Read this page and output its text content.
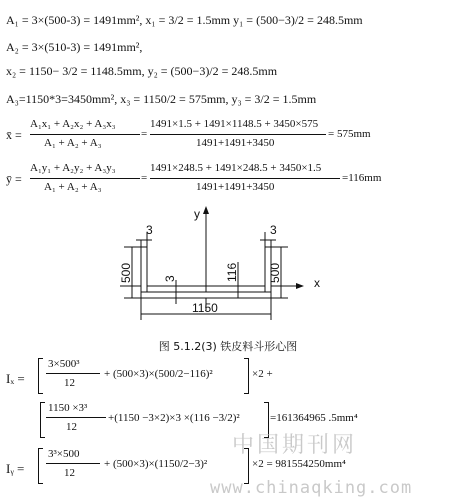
A₁ = 3×(500-3) = 1491mm², x₁ = 3/2 = 1.5mm y₁ = (500−3)/2 = 248.5mm
A₂ = 3×(510-3) = 1491mm²,
x₂ = 1150− 3/2 = 1148.5mm, y₂ = (500−3)/2 = 248.5mm
A₃=1150*3=3450mm², x₃ = 1150/2 = 575mm, y₃ = 3/2 = 1.5mm
x̄ =
A₁x₁ + A₂x₂ + A₃x₃
A₁ + A₂ + A₃
=
1491×1.5 + 1491×1148.5 + 3450×575
1491+1491+3450
= 575mm
ȳ =
A₁y₁ + A₂y₂ + A₃y₃
A₁ + A₂ + A₃
=
1491×248.5 + 1491×248.5 + 3450×1.5
1491+1491+3450
=116mm
y
x
3	3
500	500
3	116
1150
图 5.1.2(3) 铁皮料斗形心图
Iₓ =
3×500³
12
+ (500×3)×(500/2−116)²	×2 +
1150 ×3³
12
+(1150 −3×2)×3 ×(116 −3/2)²	=161364965 .5mm⁴
Iᵧ =
3³×500
12
+ (500×3)×(1150/2−3)²	×2 = 981554250mm⁴
中国期刊网
www.chinaqking.com
